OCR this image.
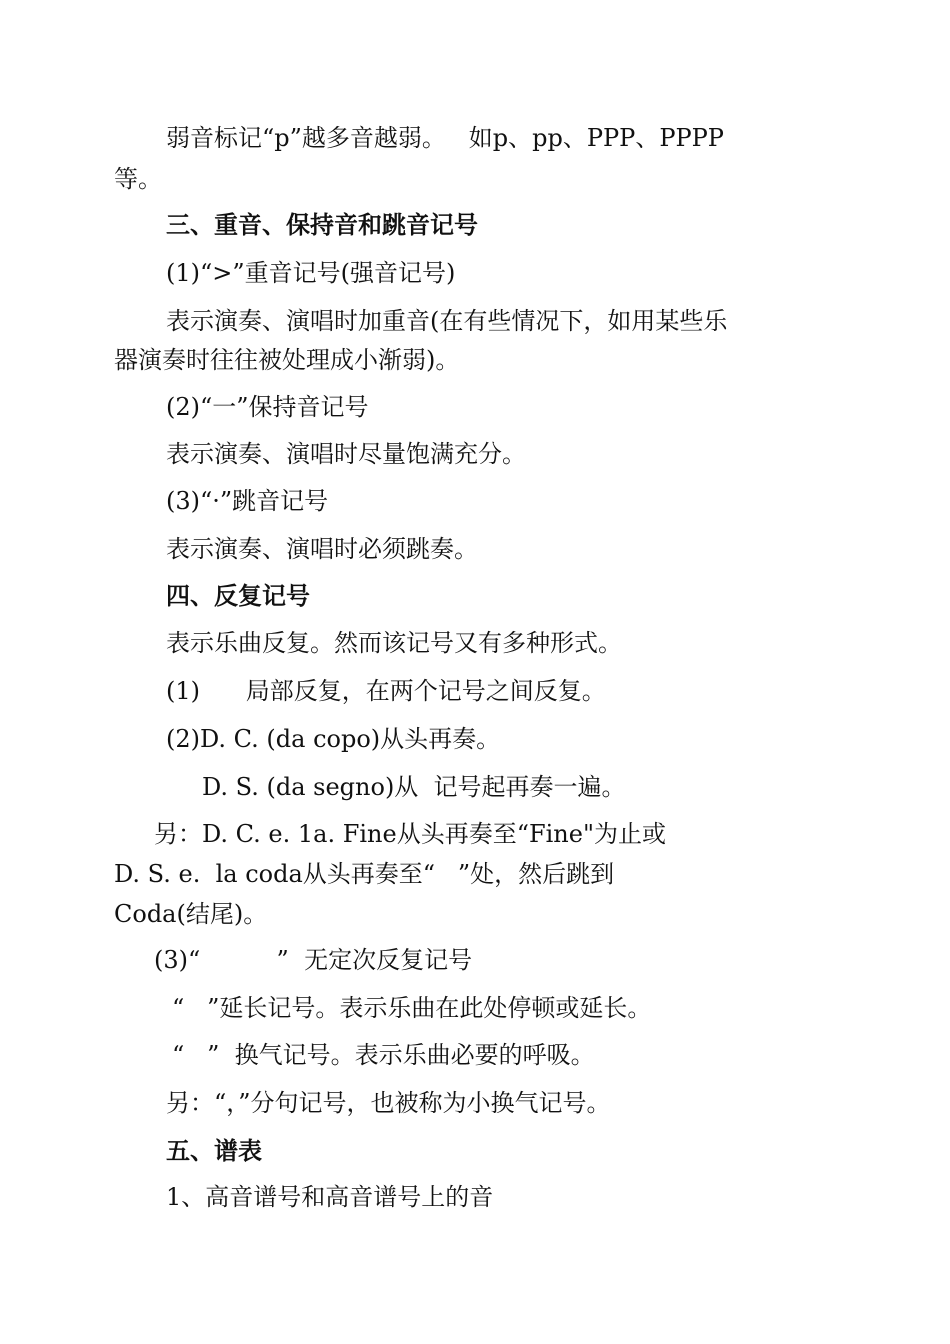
弱音标记“p”越多音越弱。   如p、pp、PPP、PPPP
等。
三、重音、保持音和跳音记号
(1)“>”重音记号(强音记号)
表示演奏、演唱时加重音(在有些情况下，如用某些乐
器演奏时往往被处理成小渐弱)。
(2)“一”保持音记号
表示演奏、演唱时尽量饱满充分。
(3)“·”跳音记号
表示演奏、演唱时必须跳奏。
四、反复记号
表示乐曲反复。然而该记号又有多种形式。
(1)      局部反复，在两个记号之间反复。
(2)D. C. (da copo)从头再奏。
D. S. (da segno)从  记号起再奏一遍。
另：D. C. e. 1a. Fine从头再奏至“Fine"为止或
D. S. e.  la coda从头再奏至“   ”处，然后跳到
Coda(结尾)。
(3)“          ”  无定次反复记号
“   ”延长记号。表示乐曲在此处停顿或延长。
“   ”  换气记号。表示乐曲必要的呼吸。
另：“，”分句记号，也被称为小换气记号。
五、谱表
1、高音谱号和高音谱号上的音
